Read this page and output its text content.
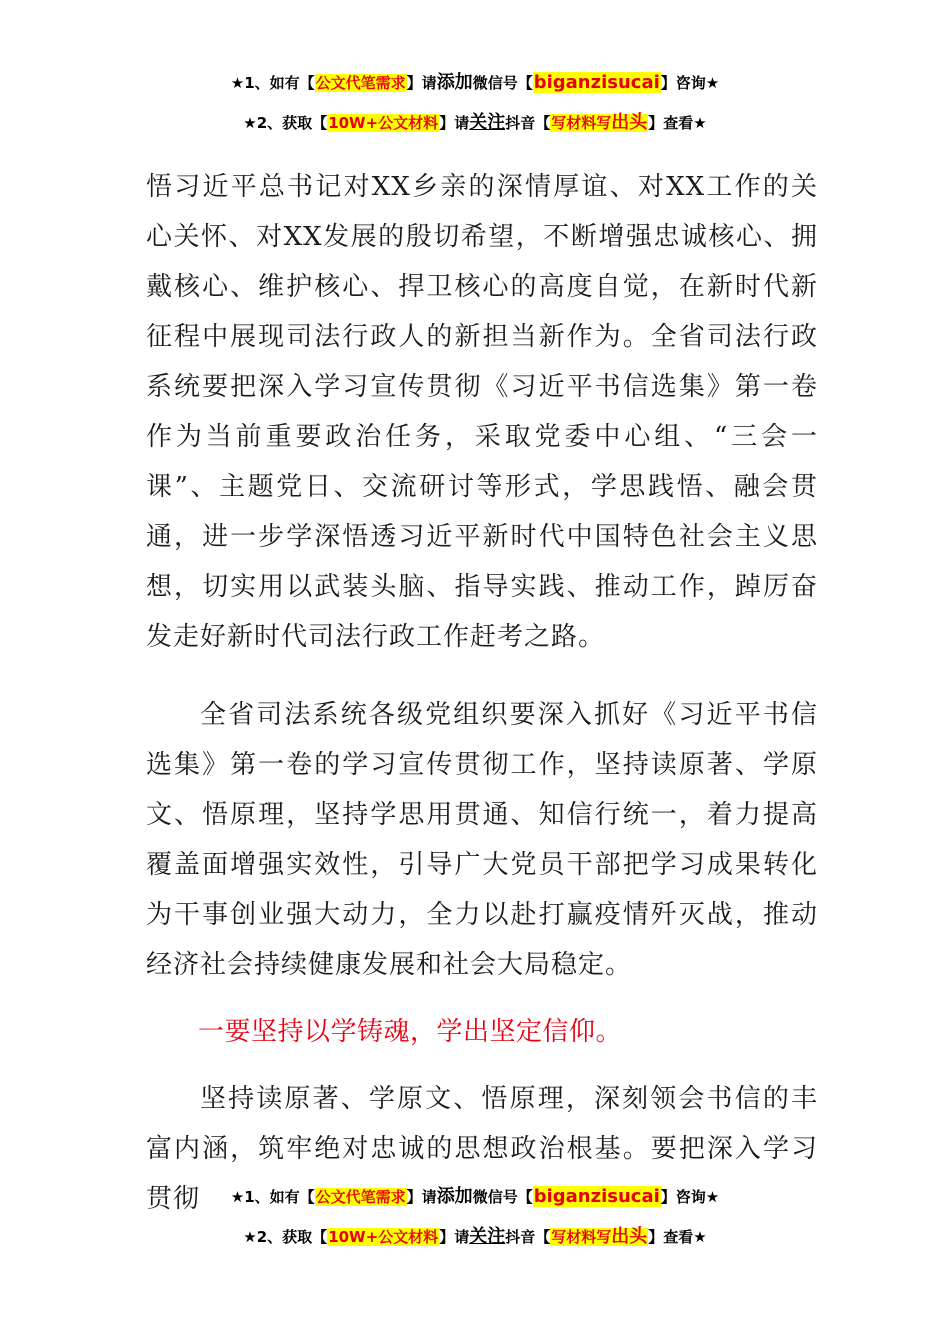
★1、如有【公文代笔需求】请添加微信号【biganzisucai】咨询★
★2、获取【10W+公文材料】请关注抖音【写材料写出头】查看★

悟习近平总书记对XX乡亲的深情厚谊、对XX工作的关心关怀、对XX发展的殷切希望，不断增强忠诚核心、拥戴核心、维护核心、捍卫核心的高度自觉，在新时代新征程中展现司法行政人的新担当新作为。全省司法行政系统要把深入学习宣传贯彻《习近平书信选集》第一卷作为当前重要政治任务，采取党委中心组、“三会一课”、主题党日、交流研讨等形式，学思践悟、融会贯通，进一步学深悟透习近平新时代中国特色社会主义思想，切实用以武装头脑、指导实践、推动工作，踔厉奋发走好新时代司法行政工作赶考之路。

全省司法系统各级党组织要深入抓好《习近平书信选集》第一卷的学习宣传贯彻工作，坚持读原著、学原文、悟原理，坚持学思用贯通、知信行统一，着力提高覆盖面增强实效性，引导广大党员干部把学习成果转化为干事创业强大动力，全力以赴打赢疫情歼灭战，推动经济社会持续健康发展和社会大局稳定。

一要坚持以学铸魂，学出坚定信仰。

坚持读原著、学原文、悟原理，深刻领会书信的丰富内涵，筑牢绝对忠诚的思想政治根基。要把深入学习贯彻	★1、如有【公文代笔需求】请添加微信号【biganzisucai】咨询★
★2、获取【10W+公文材料】请关注抖音【写材料写出头】查看★
